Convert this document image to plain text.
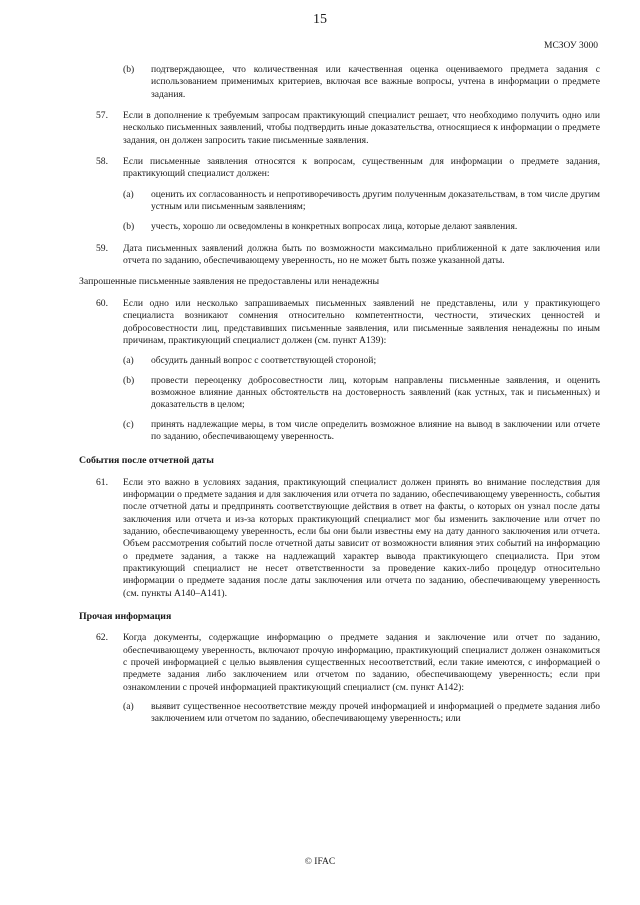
15
МСЗОУ 3000
(b)	подтверждающее, что количественная или качественная оценка оцениваемого предмета задания с использованием применимых критериев, включая все важные вопросы, учтена в информации о предмете задания.
57.	Если в дополнение к требуемым запросам практикующий специалист решает, что необходимо получить одно или несколько письменных заявлений, чтобы подтвердить иные доказательства, относящиеся к информации о предмете задания, он должен запросить такие письменные заявления.
58.	Если письменные заявления относятся к вопросам, существенным для информации о предмете задания, практикующий специалист должен:
(a)	оценить их согласованность и непротиворечивость другим полученным доказательствам, в том числе другим устным или письменным заявлениям;
(b)	учесть, хорошо ли осведомлены в конкретных вопросах лица, которые делают заявления.
59.	Дата письменных заявлений должна быть по возможности максимально приближенной к дате заключения или отчета по заданию, обеспечивающему уверенность, но не может быть позже указанной даты.
Запрошенные письменные заявления не предоставлены или ненадежны
60.	Если одно или несколько запрашиваемых письменных заявлений не представлены, или у практикующего специалиста возникают сомнения относительно компетентности, честности, этических ценностей и добросовестности лиц, представивших письменные заявления, или письменные заявления ненадежны по иным причинам, практикующий специалист должен (см. пункт A139):
(a)	обсудить данный вопрос с соответствующей стороной;
(b)	провести переоценку добросовестности лиц, которым направлены письменные заявления, и оценить возможное влияние данных обстоятельств на достоверность заявлений (как устных, так и письменных) и доказательств в целом;
(c)	принять надлежащие меры, в том числе определить возможное влияние на вывод в заключении или отчете по заданию, обеспечивающему уверенность.
События после отчетной даты
61.	Если это важно в условиях задания, практикующий специалист должен принять во внимание последствия для информации о предмете задания и для заключения или отчета по заданию, обеспечивающему уверенность, события после отчетной даты и предпринять соответствующие действия в ответ на факты, о которых он узнал после даты заключения или отчета и из-за которых практикующий специалист мог бы изменить заключение или отчет по заданию, обеспечивающему уверенность, если бы они были известны ему на дату данного заключения или отчета. Объем рассмотрения событий после отчетной даты зависит от возможности влияния этих событий на информацию о предмете задания, а также на надлежащий характер вывода практикующего специалиста. При этом практикующий специалист не несет ответственности за проведение каких-либо процедур относительно информации о предмете задания после даты заключения или отчета по заданию, обеспечивающему уверенность (см. пункты A140–A141).
Прочая информация
62.	Когда документы, содержащие информацию о предмете задания и заключение или отчет по заданию, обеспечивающему уверенность, включают прочую информацию, практикующий специалист должен ознакомиться с прочей информацией с целью выявления существенных несоответствий, если такие имеются, с информацией о предмете задания либо заключением или отчетом по заданию, обеспечивающему уверенность; если при ознакомлении с прочей информацией практикующий специалист (см. пункт A142):
(a)	выявит существенное несоответствие между прочей информацией и информацией о предмете задания либо заключением или отчетом по заданию, обеспечивающему уверенность; или
© IFAC
